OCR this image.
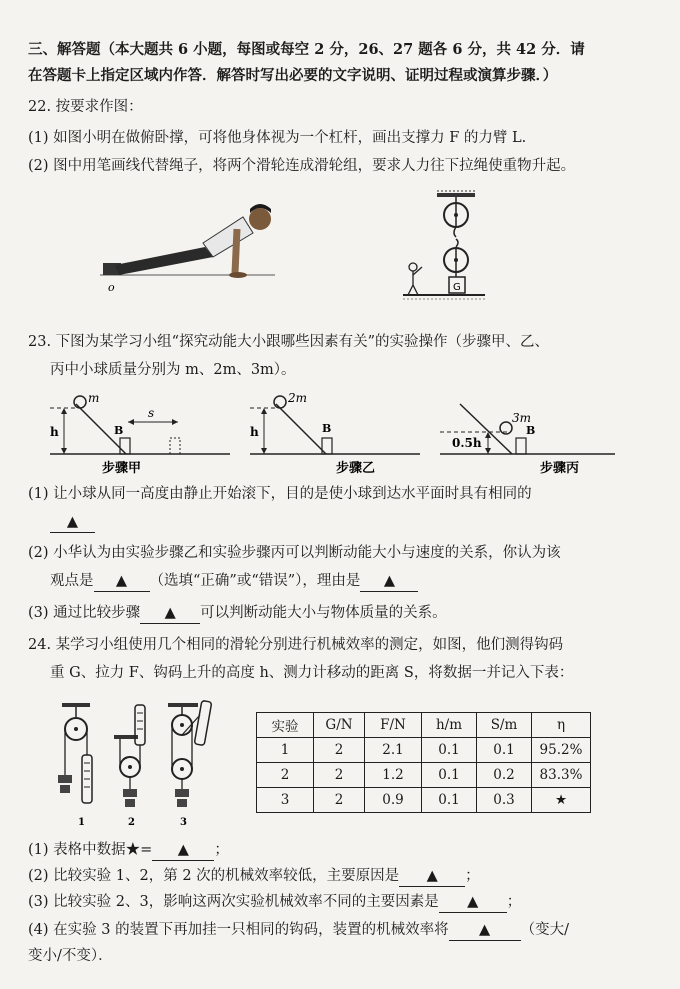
三、解答题（本大题共 6 小题，每图或每空 2 分，26、27 题各 6 分，共 42 分．请
在答题卡上指定区域内作答．解答时写出必要的文字说明、证明过程或演算步骤．）
22. 按要求作图：
(1) 如图小明在做俯卧撑，可将他身体视为一个杠杆，画出支撑力 F 的力臂 L.
(2) 图中用笔画线代替绳子，将两个滑轮连成滑轮组，要求人力往下拉绳使重物升起。
o	G
23. 下图为某学习小组“探究动能大小跟哪些因素有关”的实验操作（步骤甲、乙、
丙中小球质量分别为 m、2m、3m）。
m
h	B
s
步骤甲
2m
h	B
步骤乙
3m
0.5h
B
步骤丙
(1) 让小球从同一高度由静止开始滚下，目的是使小球到达水平面时具有相同的
▲
(2) 小华认为由实验步骤乙和实验步骤丙可以判断动能大小与速度的关系，你认为该
观点是 ▲ （选填“正确”或“错误”），理由是 ▲
(3) 通过比较步骤 ▲ 可以判断动能大小与物体质量的关系。
24. 某学习小组使用几个相同的滑轮分别进行机械效率的测定，如图，他们测得钩码
重 G、拉力 F、钩码上升的高度 h、测力计移动的距离 S，将数据一并记入下表：
1	2	3
实验	G/N	F/N	h/m	S/m	η
1	2	2.1	0.1	0.1	95.2%
2	2	1.2	0.1	0.2	83.3%
3	2	0.9	0.1	0.3	★
(1) 表格中数据★= ▲ ；
(2) 比较实验 1、2，第 2 次的机械效率较低，主要原因是 ▲ ；
(3) 比较实验 2、3，影响这两次实验机械效率不同的主要因素是 ▲ ；
(4) 在实验 3 的装置下再加挂一只相同的钩码，装置的机械效率将 ▲ （变大/
变小/不变）．
